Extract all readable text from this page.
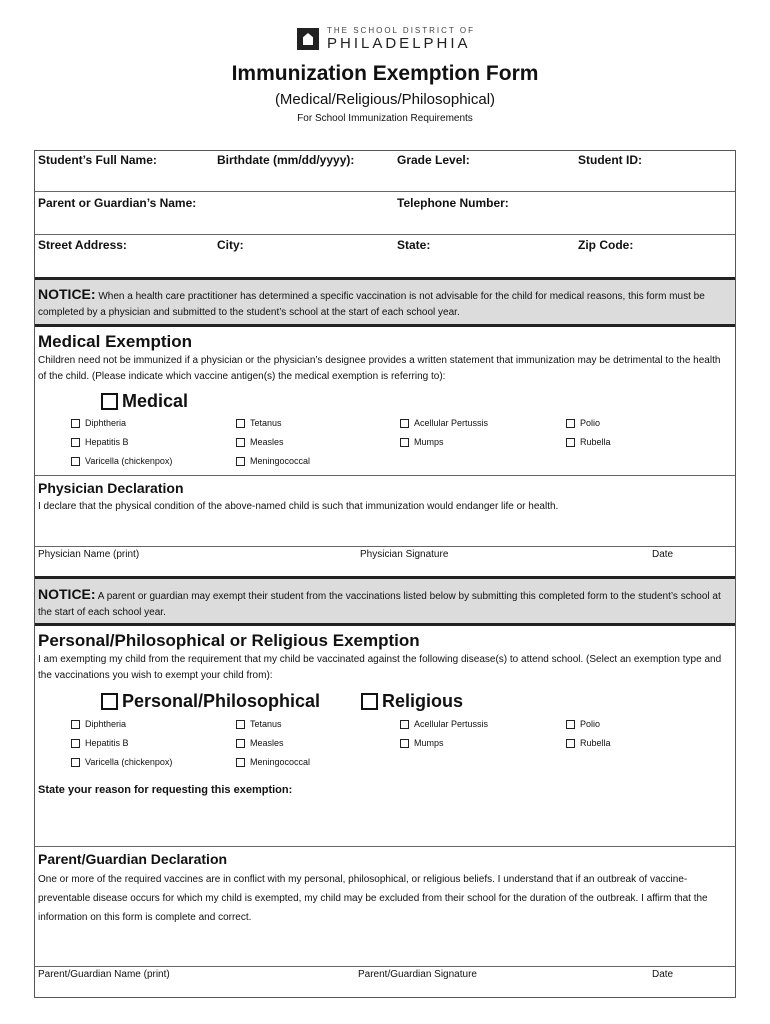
THE SCHOOL DISTRICT OF
PHILADELPHIA
Immunization Exemption Form
(Medical/Religious/Philosophical)
For School Immunization Requirements
Student’s Full Name:	Birthdate (mm/dd/yyyy):	Grade Level:	Student ID:
Parent or Guardian’s Name:	Telephone Number:
Street Address:	City:	State:	Zip Code:
NOTICE: When a health care practitioner has determined a specific vaccination is not advisable for the child for medical reasons, this form must be completed by a physician and submitted to the student’s school at the start of each school year.
Medical Exemption
Children need not be immunized if a physician or the physician’s designee provides a written statement that immunization may be detrimental to the health of the child. (Please indicate which vaccine antigen(s) the medical exemption is referring to):
Medical
Diphtheria	Tetanus	Acellular Pertussis	Polio
Hepatitis B	Measles	Mumps	Rubella
Varicella (chickenpox)	Meningococcal
Physician Declaration
I declare that the physical condition of the above-named child is such that immunization would endanger life or health.
Physician Name (print)	Physician Signature	Date
NOTICE: A parent or guardian may exempt their student from the vaccinations listed below by submitting this completed form to the student’s school at the start of each school year.
Personal/Philosophical or Religious Exemption
I am exempting my child from the requirement that my child be vaccinated against the following disease(s) to attend school. (Select an exemption type and the vaccinations you wish to exempt your child from):
Personal/Philosophical	Religious
Diphtheria	Tetanus	Acellular Pertussis	Polio
Hepatitis B	Measles	Mumps	Rubella
Varicella (chickenpox)	Meningococcal
State your reason for requesting this exemption:
Parent/Guardian Declaration
One or more of the required vaccines are in conflict with my personal, philosophical, or religious beliefs. I understand that if an outbreak of vaccine-preventable disease occurs for which my child is exempted, my child may be excluded from their school for the duration of the outbreak. I affirm that the information on this form is complete and correct.
Parent/Guardian Name (print)	Parent/Guardian Signature	Date
